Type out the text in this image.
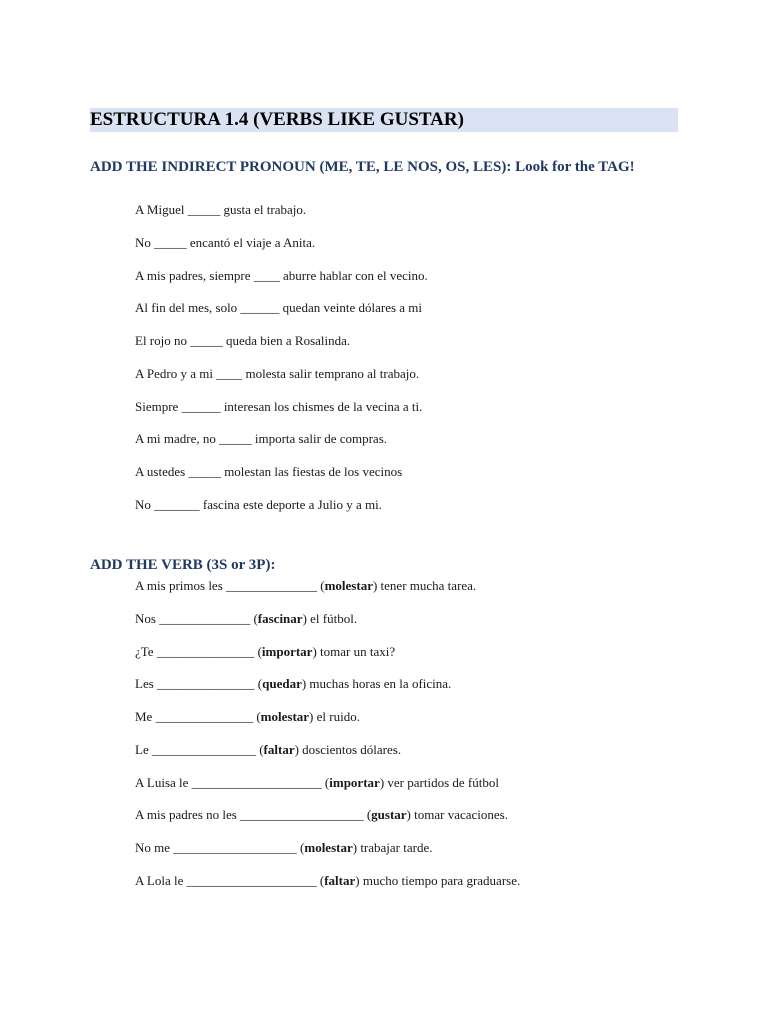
ESTRUCTURA 1.4 (VERBS LIKE GUSTAR)
ADD THE INDIRECT PRONOUN (ME, TE, LE NOS, OS, LES): Look for the TAG!
A Miguel _____ gusta el trabajo.
No _____ encantó el viaje a Anita.
A mis padres, siempre ____ aburre hablar con el vecino.
Al fin del mes, solo ______ quedan veinte dólares a mi
El rojo no _____ queda bien a Rosalinda.
A Pedro y a mi ____ molesta salir temprano al trabajo.
Siempre ______ interesan los chismes de la vecina a ti.
A mi madre, no _____ importa salir de compras.
A ustedes _____ molestan las fiestas de los vecinos
No _______ fascina este deporte a Julio y a mi.
ADD THE VERB (3S or 3P):
A mis primos les ______________ (molestar) tener mucha tarea.
Nos ______________ (fascinar) el fútbol.
¿Te _______________ (importar) tomar un taxi?
Les _______________ (quedar) muchas horas en la oficina.
Me _______________ (molestar) el ruido.
Le ________________ (faltar) doscientos dólares.
A Luisa le ____________________ (importar) ver partidos de fútbol
A mis padres no les ___________________ (gustar) tomar vacaciones.
No me ___________________ (molestar) trabajar tarde.
A Lola le ____________________ (faltar) mucho tiempo para graduarse.
